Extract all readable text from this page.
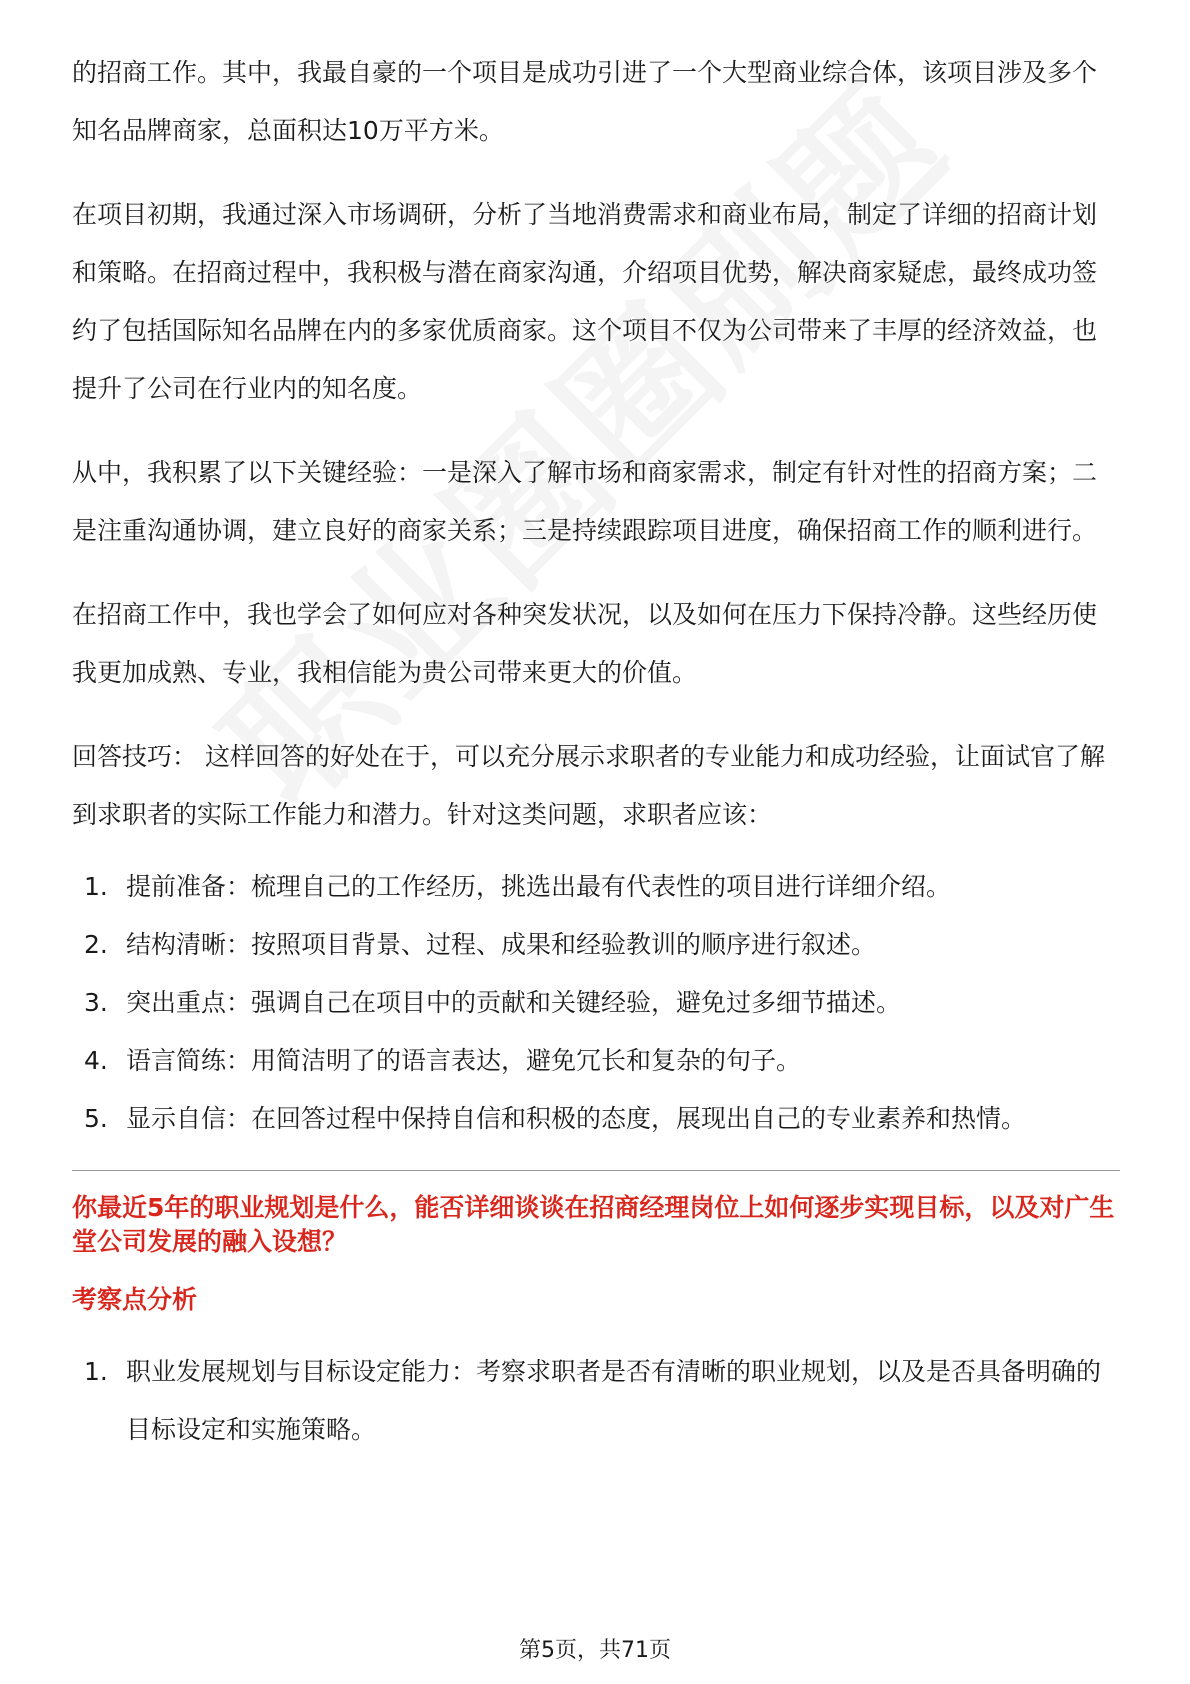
的招商工作。其中，我最自豪的一个项目是成功引进了一个大型商业综合体，该项目涉及多个知名品牌商家，总面积达10万平方米。

在项目初期，我通过深入市场调研，分析了当地消费需求和商业布局，制定了详细的招商计划和策略。在招商过程中，我积极与潜在商家沟通，介绍项目优势，解决商家疑虑，最终成功签约了包括国际知名品牌在内的多家优质商家。这个项目不仅为公司带来了丰厚的经济效益，也提升了公司在行业内的知名度。

从中，我积累了以下关键经验：一是深入了解市场和商家需求，制定有针对性的招商方案；二是注重沟通协调，建立良好的商家关系；三是持续跟踪项目进度，确保招商工作的顺利进行。

在招商工作中，我也学会了如何应对各种突发状况，以及如何在压力下保持冷静。这些经历使我更加成熟、专业，我相信能为贵公司带来更大的价值。

回答技巧： 这样回答的好处在于，可以充分展示求职者的专业能力和成功经验，让面试官了解到求职者的实际工作能力和潜力。针对这类问题，求职者应该：

1. 提前准备：梳理自己的工作经历，挑选出最有代表性的项目进行详细介绍。
2. 结构清晰：按照项目背景、过程、成果和经验教训的顺序进行叙述。
3. 突出重点：强调自己在项目中的贡献和关键经验，避免过多细节描述。
4. 语言简练：用简洁明了的语言表达，避免冗长和复杂的句子。
5. 显示自信：在回答过程中保持自信和积极的态度，展现出自己的专业素养和热情。
你最近5年的职业规划是什么，能否详细谈谈在招商经理岗位上如何逐步实现目标，以及对广生堂公司发展的融入设想？
考察点分析
1. 职业发展规划与目标设定能力：考察求职者是否有清晰的职业规划，以及是否具备明确的目标设定和实施策略。
第5页，共71页
